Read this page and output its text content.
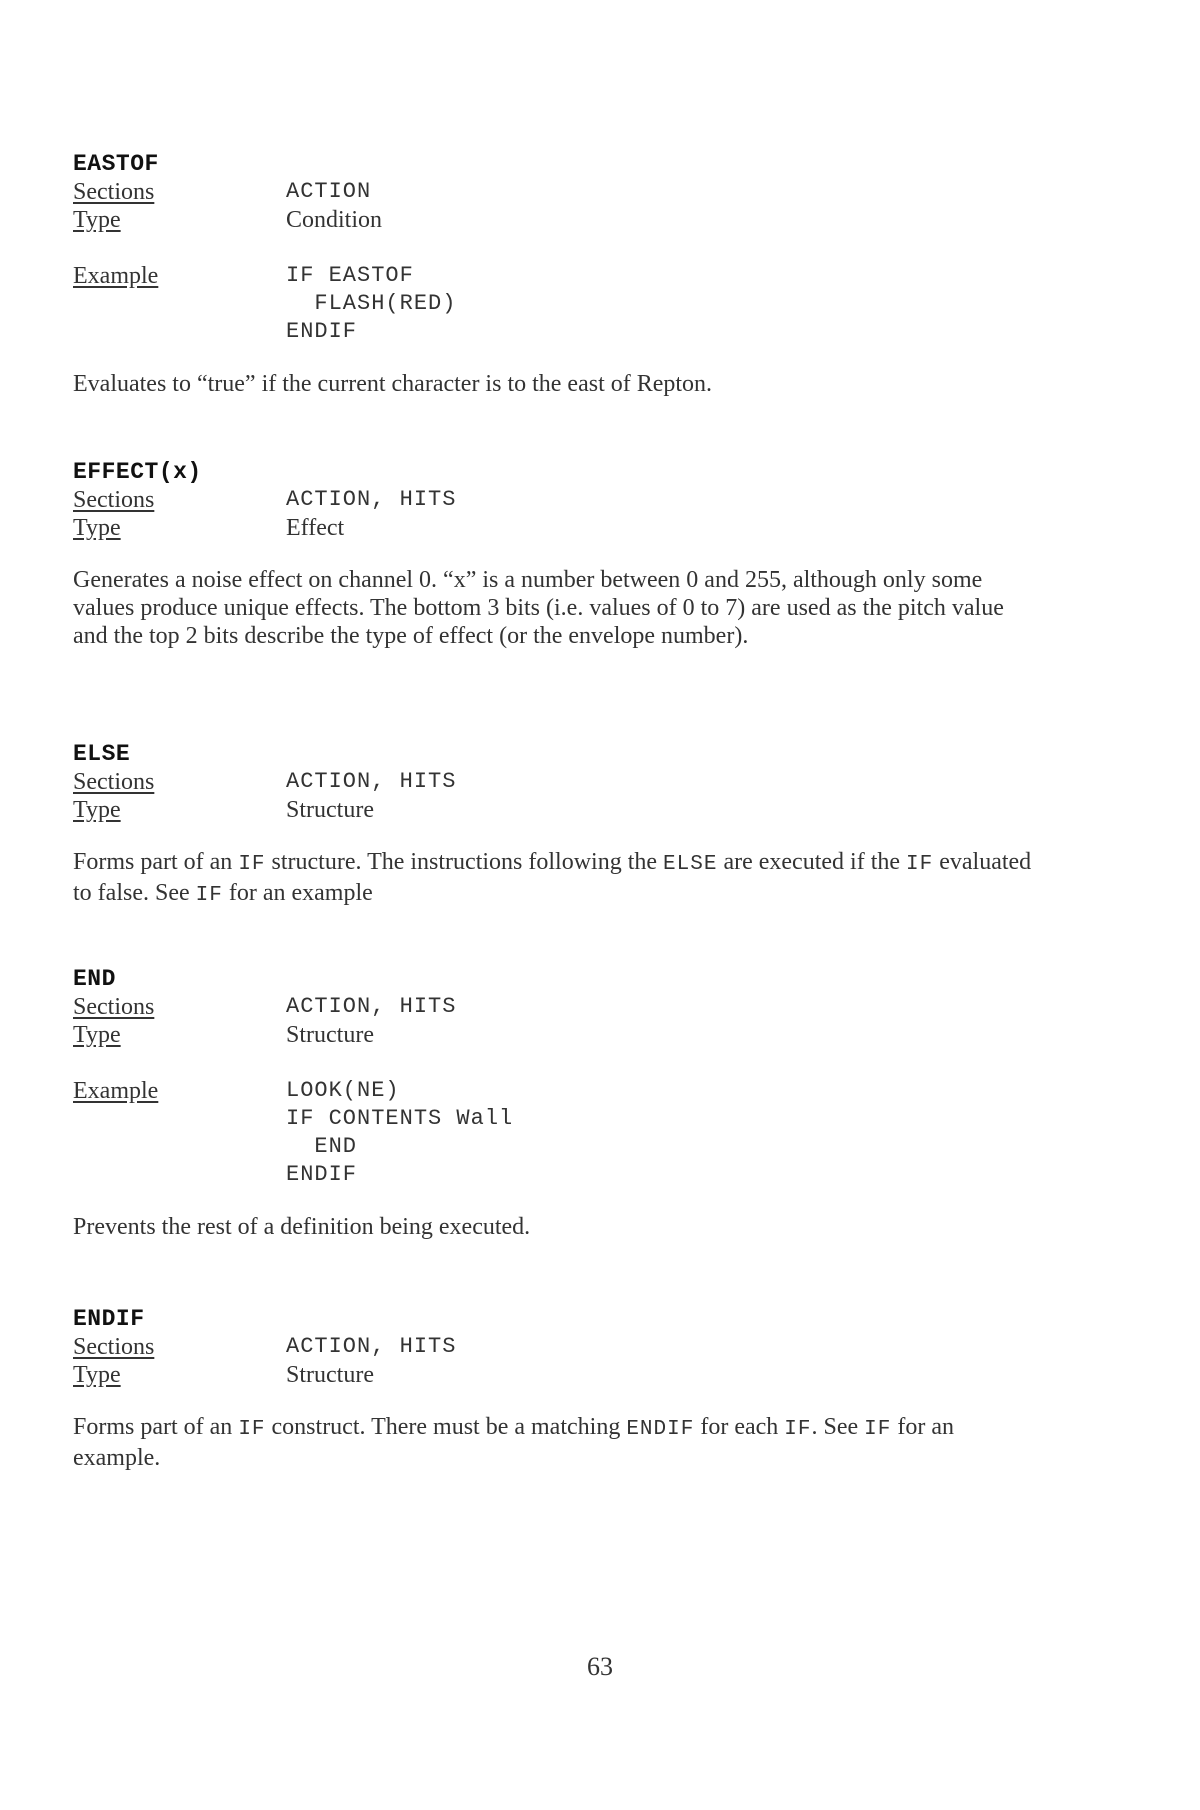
EASTOF
Sections	ACTION
Type	Condition
Example	IF EASTOF
FLASH(RED)
ENDIF

Evaluates to “true” if the current character is to the east of Repton.

EFFECT(x)
Sections	ACTION, HITS
Type	Effect

Generates a noise effect on channel 0. “x” is a number between 0 and 255, although only some values produce unique effects. The bottom 3 bits (i.e. values of 0 to 7) are used as the pitch value and the top 2 bits describe the type of effect (or the envelope number).

ELSE
Sections	ACTION, HITS
Type	Structure

Forms part of an IF structure. The instructions following the ELSE are executed if the IF evaluated to false. See IF for an example

END
Sections	ACTION, HITS
Type	Structure
Example	LOOK(NE)
IF CONTENTS Wall
END
ENDIF

Prevents the rest of a definition being executed.

ENDIF
Sections	ACTION, HITS
Type	Structure

Forms part of an IF construct. There must be a matching ENDIF for each IF. See IF for an example.

63
